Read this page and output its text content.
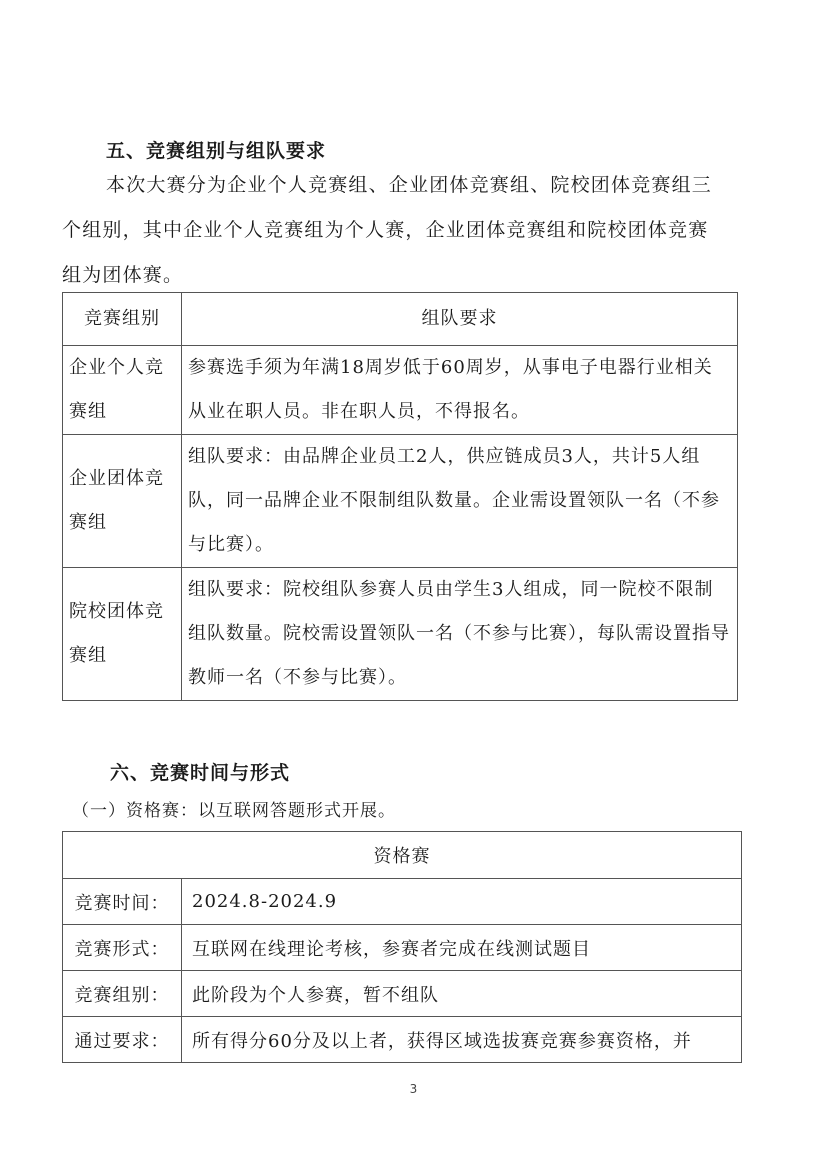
五、竞赛组别与组队要求
本次大赛分为企业个人竞赛组、企业团体竞赛组、院校团体竞赛组三
个组别，其中企业个人竞赛组为个人赛，企业团体竞赛组和院校团体竞赛
组为团体赛。
竞赛组别	组队要求
企业个人竞赛组	参赛选手须为年满18周岁低于60周岁，从事电子电器行业相关从业在职人员。非在职人员，不得报名。
企业团体竞赛组	组队要求：由品牌企业员工2人，供应链成员3人，共计5人组队，同一品牌企业不限制组队数量。企业需设置领队一名（不参与比赛）。
院校团体竞赛组	组队要求：院校组队参赛人员由学生3人组成，同一院校不限制组队数量。院校需设置领队一名（不参与比赛），每队需设置指导教师一名（不参与比赛）。
六、竞赛时间与形式
（一）资格赛：以互联网答题形式开展。
资格赛	
竞赛时间：	2024.8-2024.9
竞赛形式：	互联网在线理论考核，参赛者完成在线测试题目
竞赛组别：	此阶段为个人参赛，暂不组队
通过要求：	所有得分60分及以上者，获得区域选拔赛竞赛参赛资格，并
3
